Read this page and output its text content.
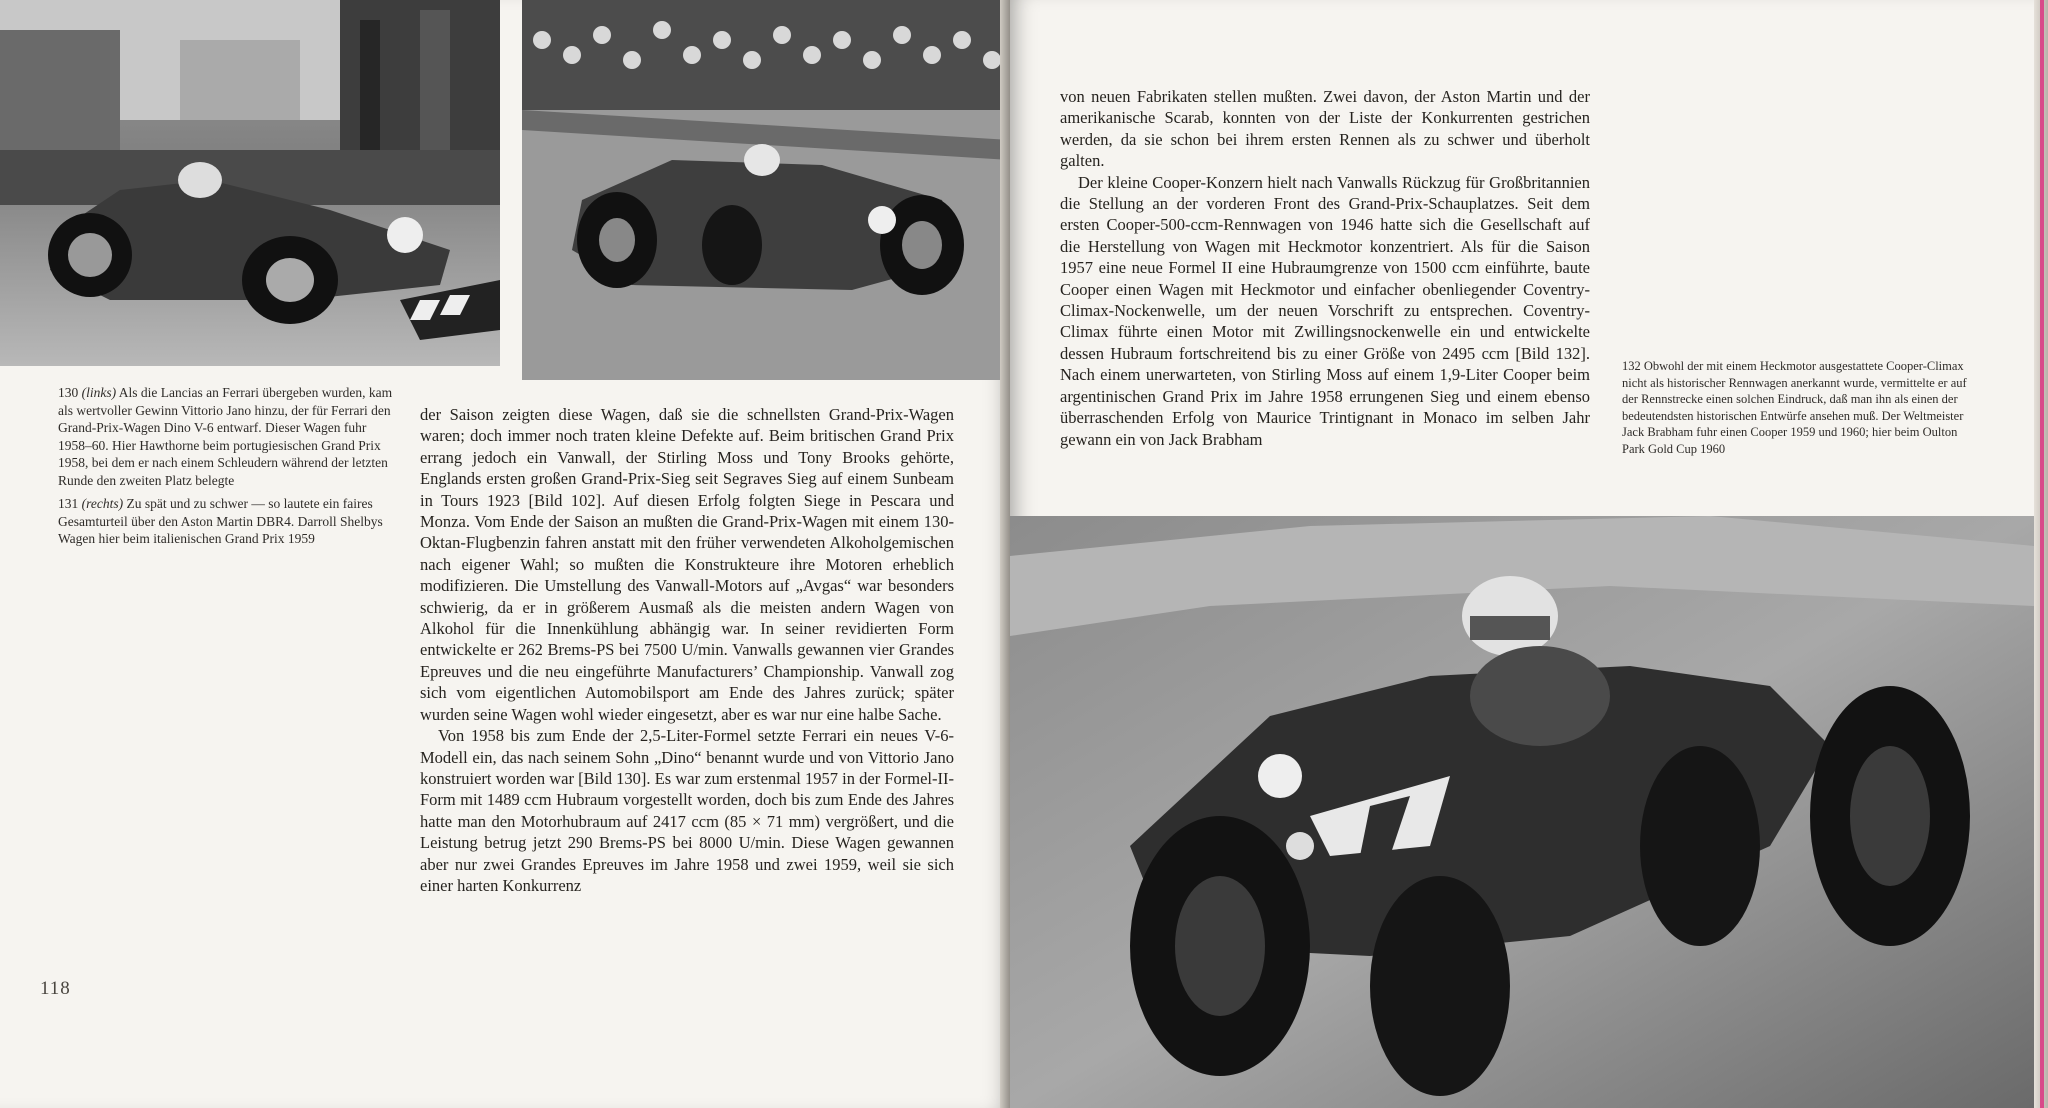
130 (links) Als die Lancias an Ferrari übergeben wurden, kam als wertvoller Gewinn Vittorio Jano hinzu, der für Ferrari den Grand-Prix-Wagen Dino V-6 entwarf. Dieser Wagen fuhr 1958–60. Hier Hawthorne beim portugiesischen Grand Prix 1958, bei dem er nach einem Schleudern während der letzten Runde den zweiten Platz belegte

131 (rechts) Zu spät und zu schwer — so lautete ein faires Gesamturteil über den Aston Martin DBR4. Darroll Shelbys Wagen hier beim italienischen Grand Prix 1959

der Saison zeigten diese Wagen, daß sie die schnellsten Grand-Prix-Wagen waren; doch immer noch traten kleine Defekte auf. Beim britischen Grand Prix errang jedoch ein Vanwall, der Stirling Moss und Tony Brooks gehörte, Englands ersten großen Grand-Prix-Sieg seit Segraves Sieg auf einem Sunbeam in Tours 1923 [Bild 102]. Auf diesen Erfolg folgten Siege in Pescara und Monza. Vom Ende der Saison an mußten die Grand-Prix-Wagen mit einem 130-Oktan-Flugbenzin fahren anstatt mit den früher verwendeten Alkoholgemischen nach eigener Wahl; so mußten die Konstrukteure ihre Motoren erheblich modifizieren. Die Umstellung des Vanwall-Motors auf „Avgas“ war besonders schwierig, da er in größerem Ausmaß als die meisten andern Wagen von Alkohol für die Innenkühlung abhängig war. In seiner revidierten Form entwickelte er 262 Brems-PS bei 7500 U/min. Vanwalls gewannen vier Grandes Epreuves und die neu eingeführte Manufacturers’ Championship. Vanwall zog sich vom eigentlichen Automobilsport am Ende des Jahres zurück; später wurden seine Wagen wohl wieder eingesetzt, aber es war nur eine halbe Sache.

Von 1958 bis zum Ende der 2,5-Liter-Formel setzte Ferrari ein neues V-6-Modell ein, das nach seinem Sohn „Dino“ benannt wurde und von Vittorio Jano konstruiert worden war [Bild 130]. Es war zum erstenmal 1957 in der Formel-II-Form mit 1489 ccm Hubraum vorgestellt worden, doch bis zum Ende des Jahres hatte man den Motorhubraum auf 2417 ccm (85 × 71 mm) vergrößert, und die Leistung betrug jetzt 290 Brems-PS bei 8000 U/min. Diese Wagen gewannen aber nur zwei Grandes Epreuves im Jahre 1958 und zwei 1959, weil sie sich einer harten Konkurrenz

118

von neuen Fabrikaten stellen mußten. Zwei davon, der Aston Martin und der amerikanische Scarab, konnten von der Liste der Konkurrenten gestrichen werden, da sie schon bei ihrem ersten Rennen als zu schwer und überholt galten.

Der kleine Cooper-Konzern hielt nach Vanwalls Rückzug für Großbritannien die Stellung an der vorderen Front des Grand-Prix-Schauplatzes. Seit dem ersten Cooper-500-ccm-Rennwagen von 1946 hatte sich die Gesellschaft auf die Herstellung von Wagen mit Heckmotor konzentriert. Als für die Saison 1957 eine neue Formel II eine Hubraumgrenze von 1500 ccm einführte, baute Cooper einen Wagen mit Heckmotor und einfacher obenliegender Coventry-Climax-Nockenwelle, um der neuen Vorschrift zu entsprechen. Coventry-Climax führte einen Motor mit Zwillingsnockenwelle ein und entwickelte dessen Hubraum fortschreitend bis zu einer Größe von 2495 ccm [Bild 132]. Nach einem unerwarteten, von Stirling Moss auf einem 1,9-Liter Cooper beim argentinischen Grand Prix im Jahre 1958 errungenen Sieg und einem ebenso überraschenden Erfolg von Maurice Trintignant in Monaco im selben Jahr gewann ein von Jack Brabham

132 Obwohl der mit einem Heckmotor ausgestattete Cooper-Climax nicht als historischer Rennwagen anerkannt wurde, vermittelte er auf der Rennstrecke einen solchen Eindruck, daß man ihn als einen der bedeutendsten historischen Entwürfe ansehen muß. Der Weltmeister Jack Brabham fuhr einen Cooper 1959 und 1960; hier beim Oulton Park Gold Cup 1960
